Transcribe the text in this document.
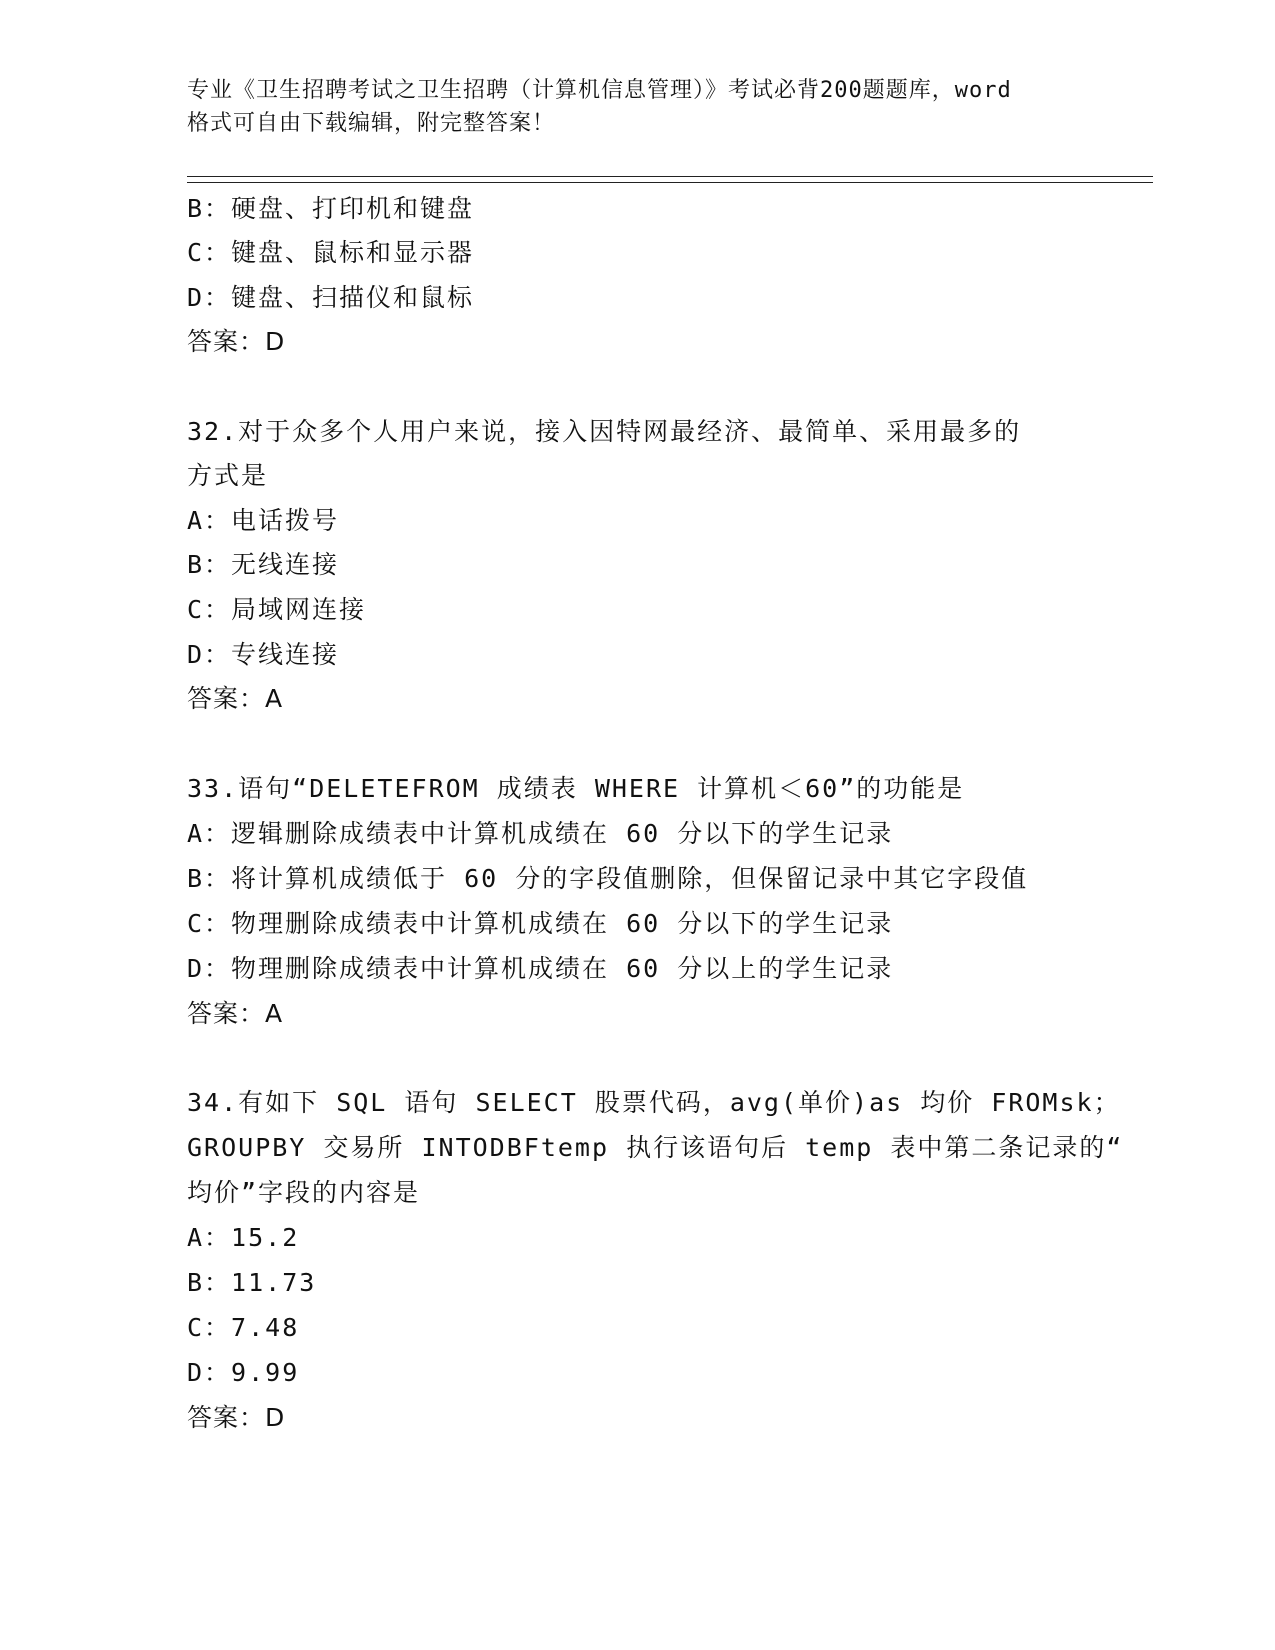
专业《卫生招聘考试之卫生招聘（计算机信息管理）》考试必背200题题库，word
格式可自由下载编辑，附完整答案！
B：硬盘、打印机和键盘
C：键盘、鼠标和显示器
D：键盘、扫描仪和鼠标
答案：D
32.对于众多个人用户来说，接入因特网最经济、最简单、采用最多的
方式是
A：电话拨号
B：无线连接
C：局域网连接
D：专线连接
答案：A
33.语句“DELETEFROM 成绩表 WHERE 计算机＜60”的功能是
A：逻辑删除成绩表中计算机成绩在 60 分以下的学生记录
B：将计算机成绩低于 60 分的字段值删除，但保留记录中其它字段值
C：物理删除成绩表中计算机成绩在 60 分以下的学生记录
D：物理删除成绩表中计算机成绩在 60 分以上的学生记录
答案：A
34.有如下 SQL 语句 SELECT 股票代码，avg(单价)as 均价 FROMsk；
GROUPBY 交易所 INTODBFtemp 执行该语句后 temp 表中第二条记录的“
均价”字段的内容是
A：15.2
B：11.73
C：7.48
D：9.99
答案：D
